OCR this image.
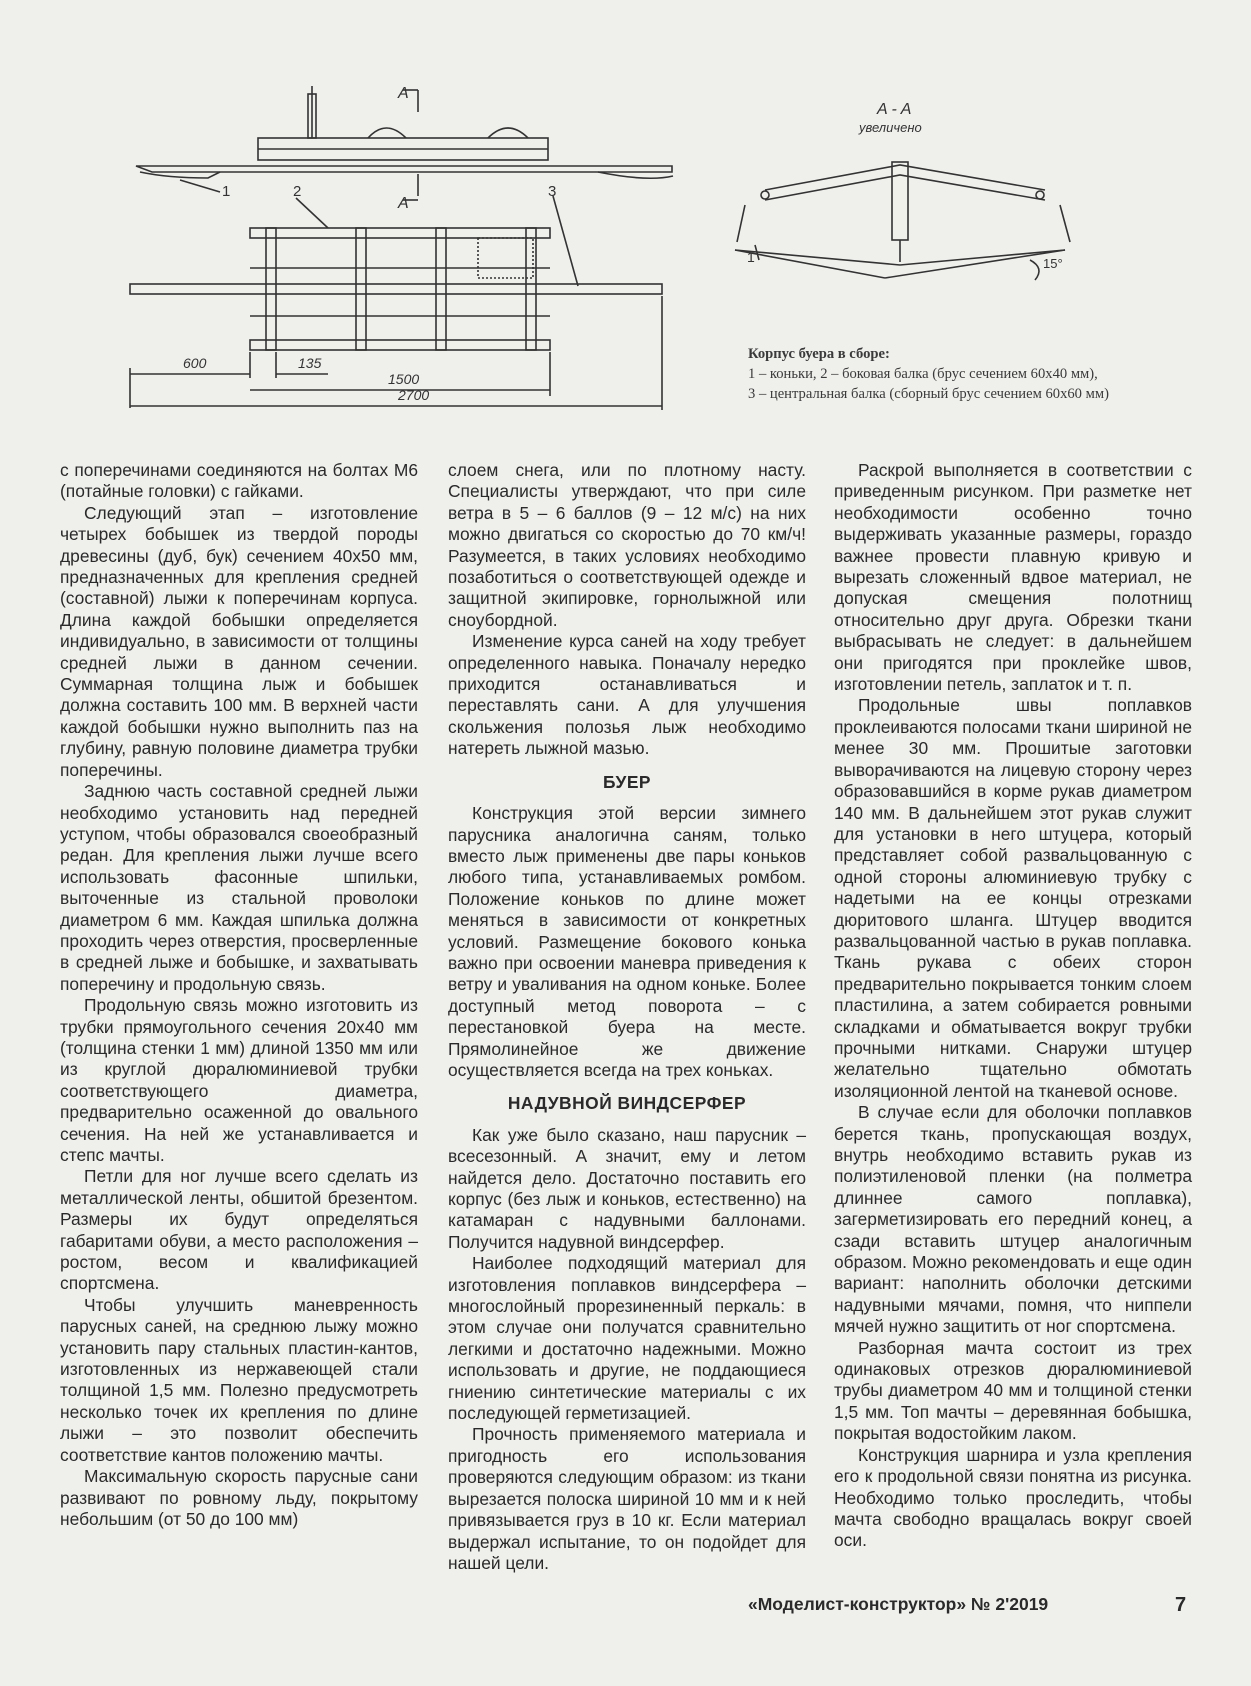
A
A
1	2	3
600	135
1500
2700
A - A
увеличено
1	15°
Корпус буера в сборе:
1 – коньки, 2 – боковая балка (брус сечением 60х40 мм),
3 – центральная балка (сборный брус сечением 60х60 мм)

с поперечинами соединяются на болтах М6 (потайные головки) с гайками.

Следующий этап – изготовление четырех бобышек из твердой породы древесины (дуб, бук) сечением 40х50 мм, предназначенных для крепления средней (составной) лыжи к поперечинам корпуса. Длина каждой бобышки определяется индивидуально, в зависимости от толщины средней лыжи в данном сечении. Суммарная толщина лыж и бобышек должна составить 100 мм. В верхней части каждой бобышки нужно выполнить паз на глубину, равную половине диаметра трубки поперечины.

Заднюю часть составной средней лыжи необходимо установить над передней уступом, чтобы образовался своеобразный редан. Для крепления лыжи лучше всего использовать фасонные шпильки, выточенные из стальной проволоки диаметром 6 мм. Каждая шпилька должна проходить через отверстия, просверленные в средней лыже и бобышке, и захватывать поперечину и продольную связь.

Продольную связь можно изготовить из трубки прямоугольного сечения 20х40 мм (толщина стенки 1 мм) длиной 1350 мм или из круглой дюралюминиевой трубки соответствующего диаметра, предварительно осаженной до овального сечения. На ней же устанавливается и степс мачты.

Петли для ног лучше всего сделать из металлической ленты, обшитой брезентом. Размеры их будут определяться габаритами обуви, а место расположения – ростом, весом и квалификацией спортсмена.

Чтобы улучшить маневренность парусных саней, на среднюю лыжу можно установить пару стальных пластин-кантов, изготовленных из нержавеющей стали толщиной 1,5 мм. Полезно предусмотреть несколько точек их крепления по длине лыжи – это позволит обеспечить соответствие кантов положению мачты.

Максимальную скорость парусные сани развивают по ровному льду, покрытому небольшим (от 50 до 100 мм)

слоем снега, или по плотному насту. Специалисты утверждают, что при силе ветра в 5 – 6 баллов (9 – 12 м/с) на них можно двигаться со скоростью до 70 км/ч! Разумеется, в таких условиях необходимо позаботиться о соответствующей одежде и защитной экипировке, горнолыжной или сноубордной.

Изменение курса саней на ходу требует определенного навыка. Поначалу нередко приходится останавливаться и переставлять сани. А для улучшения скольжения полозья лыж необходимо натереть лыжной мазью.

БУЕР

Конструкция этой версии зимнего парусника аналогична саням, только вместо лыж применены две пары коньков любого типа, устанавливаемых ромбом. Положение коньков по длине может меняться в зависимости от конкретных условий. Размещение бокового конька важно при освоении маневра приведения к ветру и уваливания на одном коньке. Более доступный метод поворота – с перестановкой буера на месте. Прямолинейное же движение осуществляется всегда на трех коньках.

НАДУВНОЙ ВИНДСЕРФЕР

Как уже было сказано, наш парусник – всесезонный. А значит, ему и летом найдется дело. Достаточно поставить его корпус (без лыж и коньков, естественно) на катамаран с надувными баллонами. Получится надувной виндсерфер.

Наиболее подходящий материал для изготовления поплавков виндсерфера – многослойный прорезиненный перкаль: в этом случае они получатся сравнительно легкими и достаточно надежными. Можно использовать и другие, не поддающиеся гниению синтетические материалы с их последующей герметизацией.

Прочность применяемого материала и пригодность его использования проверяются следующим образом: из ткани вырезается полоска шириной 10 мм и к ней привязывается груз в 10 кг. Если материал выдержал испытание, то он подойдет для нашей цели.

Раскрой выполняется в соответствии с приведенным рисунком. При разметке нет необходимости особенно точно выдерживать указанные размеры, гораздо важнее провести плавную кривую и вырезать сложенный вдвое материал, не допуская смещения полотнищ относительно друг друга. Обрезки ткани выбрасывать не следует: в дальнейшем они пригодятся при проклейке швов, изготовлении петель, заплаток и т. п.

Продольные швы поплавков проклеиваются полосами ткани шириной не менее 30 мм. Прошитые заготовки выворачиваются на лицевую сторону через образовавшийся в корме рукав диаметром 140 мм. В дальнейшем этот рукав служит для установки в него штуцера, который представляет собой развальцованную с одной стороны алюминиевую трубку с надетыми на ее концы отрезками дюритового шланга. Штуцер вводится развальцованной частью в рукав поплавка. Ткань рукава с обеих сторон предварительно покрывается тонким слоем пластилина, а затем собирается ровными складками и обматывается вокруг трубки прочными нитками. Снаружи штуцер желательно тщательно обмотать изоляционной лентой на тканевой основе.

В случае если для оболочки поплавков берется ткань, пропускающая воздух, внутрь необходимо вставить рукав из полиэтиленовой пленки (на полметра длиннее самого поплавка), загерметизировать его передний конец, а сзади вставить штуцер аналогичным образом. Можно рекомендовать и еще один вариант: наполнить оболочки детскими надувными мячами, помня, что ниппели мячей нужно защитить от ног спортсмена.

Разборная мачта состоит из трех одинаковых отрезков дюралюминиевой трубы диаметром 40 мм и толщиной стенки 1,5 мм. Топ мачты – деревянная бобышка, покрытая водостойким лаком.

Конструкция шарнира и узла крепления его к продольной связи понятна из рисунка. Необходимо только проследить, чтобы мачта свободно вращалась вокруг своей оси.

«Моделист-конструктор» № 2'2019	7
